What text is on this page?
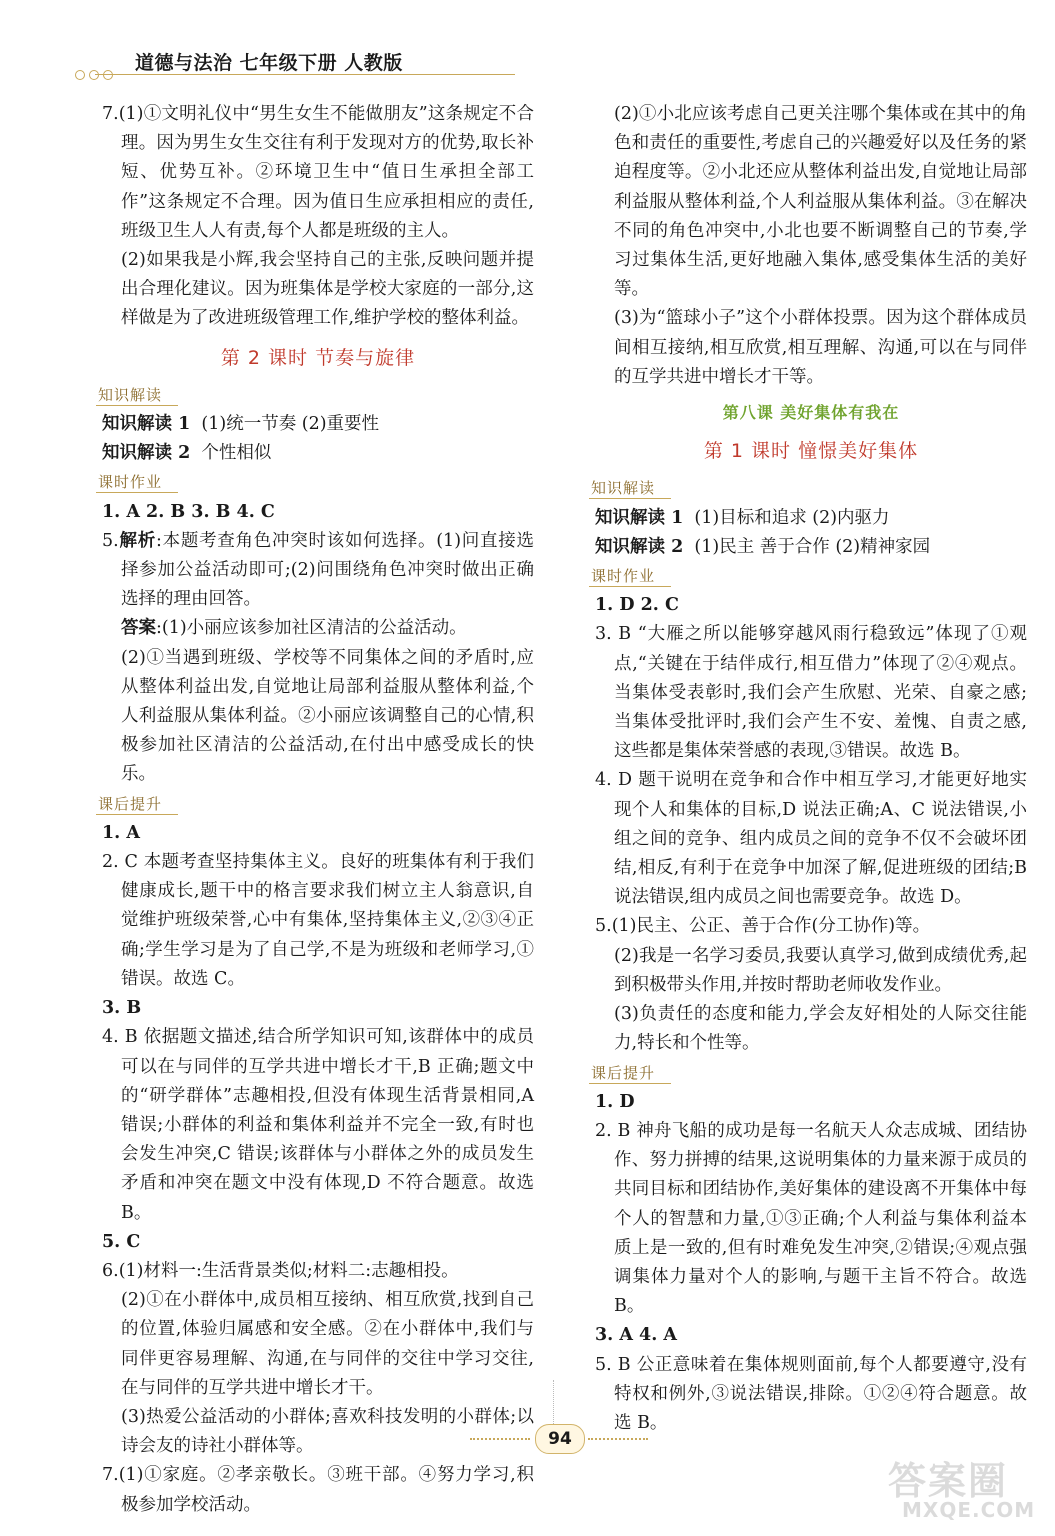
道德与法治 七年级下册 人教版

7.(1)①文明礼仪中“男生女生不能做朋友”这条规定不合理。因为男生女生交往有利于发现对方的优势,取长补短、优势互补。②环境卫生中“值日生承担全部工作”这条规定不合理。因为值日生应承担相应的责任,班级卫生人人有责,每个人都是班级的主人。

(2)如果我是小辉,我会坚持自己的主张,反映问题并提出合理化建议。因为班集体是学校大家庭的一部分,这样做是为了改进班级管理工作,维护学校的整体利益。

第 2 课时 节奏与旋律
知识解读

知识解读 1 (1)统一节奏 (2)重要性

知识解读 2 个性相似

课时作业

1. A 2. B 3. B 4. C

5.解析:本题考查角色冲突时该如何选择。(1)问直接选择参加公益活动即可;(2)问围绕角色冲突时做出正确选择的理由回答。

答案:(1)小丽应该参加社区清洁的公益活动。

(2)①当遇到班级、学校等不同集体之间的矛盾时,应从整体利益出发,自觉地让局部利益服从整体利益,个人利益服从集体利益。②小丽应该调整自己的心情,积极参加社区清洁的公益活动,在付出中感受成长的快乐。

课后提升

1. A

2. C 本题考查坚持集体主义。良好的班集体有利于我们健康成长,题干中的格言要求我们树立主人翁意识,自觉维护班级荣誉,心中有集体,坚持集体主义,②③④正确;学生学习是为了自己学,不是为班级和老师学习,①错误。故选 C。

3. B

4. B 依据题文描述,结合所学知识可知,该群体中的成员可以在与同伴的互学共进中增长才干,B 正确;题文中的“研学群体”志趣相投,但没有体现生活背景相同,A 错误;小群体的利益和集体利益并不完全一致,有时也会发生冲突,C 错误;该群体与小群体之外的成员发生矛盾和冲突在题文中没有体现,D 不符合题意。故选 B。

5. C

6.(1)材料一:生活背景类似;材料二:志趣相投。

(2)①在小群体中,成员相互接纳、相互欣赏,找到自己的位置,体验归属感和安全感。②在小群体中,我们与同伴更容易理解、沟通,在与同伴的交往中学习交往,在与同伴的互学共进中增长才干。

(3)热爱公益活动的小群体;喜欢科技发明的小群体;以诗会友的诗社小群体等。

7.(1)①家庭。②孝亲敬长。③班干部。④努力学习,积极参加学校活动。

(2)①小北应该考虑自己更关注哪个集体或在其中的角色和责任的重要性,考虑自己的兴趣爱好以及任务的紧迫程度等。②小北还应从整体利益出发,自觉地让局部利益服从整体利益,个人利益服从集体利益。③在解决不同的角色冲突中,小北也要不断调整自己的节奏,学习过集体生活,更好地融入集体,感受集体生活的美好等。

(3)为“篮球小子”这个小群体投票。因为这个群体成员间相互接纳,相互欣赏,相互理解、沟通,可以在与同伴的互学共进中增长才干等。

第八课 美好集体有我在
第 1 课时 憧憬美好集体
知识解读

知识解读 1 (1)目标和追求 (2)内驱力

知识解读 2 (1)民主 善于合作 (2)精神家园

课时作业

1. D 2. C

3. B “大雁之所以能够穿越风雨行稳致远”体现了①观点,“关键在于结伴成行,相互借力”体现了②④观点。当集体受表彰时,我们会产生欣慰、光荣、自豪之感;当集体受批评时,我们会产生不安、羞愧、自责之感,这些都是集体荣誉感的表现,③错误。故选 B。

4. D 题干说明在竞争和合作中相互学习,才能更好地实现个人和集体的目标,D 说法正确;A、C 说法错误,小组之间的竞争、组内成员之间的竞争不仅不会破坏团结,相反,有利于在竞争中加深了解,促进班级的团结;B 说法错误,组内成员之间也需要竞争。故选 D。

5.(1)民主、公正、善于合作(分工协作)等。

(2)我是一名学习委员,我要认真学习,做到成绩优秀,起到积极带头作用,并按时帮助老师收发作业。

(3)负责任的态度和能力,学会友好相处的人际交往能力,特长和个性等。

课后提升

1. D

2. B 神舟飞船的成功是每一名航天人众志成城、团结协作、努力拼搏的结果,这说明集体的力量来源于成员的共同目标和团结协作,美好集体的建设离不开集体中每个人的智慧和力量,①③正确;个人利益与集体利益本质上是一致的,但有时难免发生冲突,②错误;④观点强调集体力量对个人的影响,与题干主旨不符合。故选 B。

3. A 4. A

5. B 公正意味着在集体规则面前,每个人都要遵守,没有特权和例外,③说法错误,排除。①②④符合题意。故选 B。

94
答案圈
MXQE.COM
